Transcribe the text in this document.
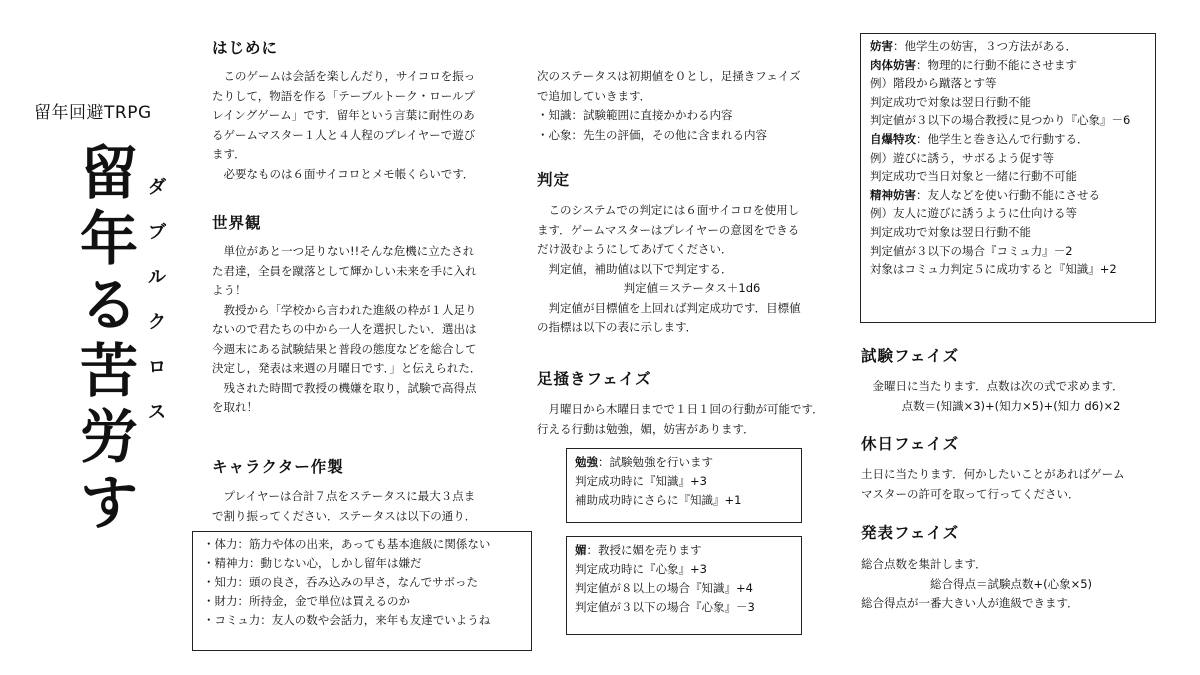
留年回避TRPG
留
年
る
苦
労
す
ダ
ブ
ル
ク
ロ
ス
はじめに
このゲームは会話を楽しんだり，サイコロを振っ
たりして，物語を作る「テーブルトーク・ロールプ
レイングゲーム」です．留年という言葉に耐性のあ
るゲームマスター１人と４人程のプレイヤーで遊び
ます．
必要なものは６面サイコロとメモ帳くらいです．
世界観
単位があと一つ足りない!!そんな危機に立たされ
た君達，全員を蹴落として輝かしい未来を手に入れ
よう！
教授から「学校から言われた進級の枠が１人足り
ないので君たちの中から一人を選択したい．選出は
今週末にある試験結果と普段の態度などを総合して
決定し，発表は来週の月曜日です．」と伝えられた．
残された時間で教授の機嫌を取り，試験で高得点
を取れ！
キャラクター作製
プレイヤーは合計７点をステータスに最大３点ま
で割り振ってください．ステータスは以下の通り．
・体力：筋力や体の出来，あっても基本進級に関係ない
・精神力：動じない心，しかし留年は嫌だ
・知力：頭の良さ，呑み込みの早さ，なんでサボった
・財力：所持金，金で単位は買えるのか
・コミュ力：友人の数や会話力，来年も友達でいようね
次のステータスは初期値を０とし，足掻きフェイズ
で追加していきます．
・知識：試験範囲に直接かかわる内容
・心象：先生の評価，その他に含まれる内容
判定
このシステムでの判定には６面サイコロを使用し
ます．ゲームマスターはプレイヤーの意図をできる
だけ汲むようにしてあげてください．
判定値，補助値は以下で判定する．
判定値＝ステータス＋1d6
判定値が目標値を上回れば判定成功です．目標値
の指標は以下の表に示します．
足掻きフェイズ
月曜日から木曜日までで１日１回の行動が可能です．
行える行動は勉強，媚，妨害があります．
勉強：試験勉強を行います
判定成功時に『知識』+3
補助成功時にさらに『知識』+1
媚：教授に媚を売ります
判定成功時に『心象』+3
判定値が８以上の場合『知識』+4
判定値が３以下の場合『心象』－3
妨害：他学生の妨害，３つ方法がある．
肉体妨害：物理的に行動不能にさせます
例）階段から蹴落とす等
判定成功で対象は翌日行動不能
判定値が３以下の場合教授に見つかり『心象』－6
自爆特攻：他学生と巻き込んで行動する．
例）遊びに誘う，サボるよう促す等
判定成功で当日対象と一緒に行動不可能
精神妨害：友人などを使い行動不能にさせる
例）友人に遊びに誘うように仕向ける等
判定成功で対象は翌日行動不能
判定値が３以下の場合『コミュ力』－2
対象はコミュ力判定５に成功すると『知識』+2
試験フェイズ
金曜日に当たります．点数は次の式で求めます．
点数＝(知識×3)+(知力×5)+(知力 d6)×2
休日フェイズ
土日に当たります．何かしたいことがあればゲーム
マスターの許可を取って行ってください．
発表フェイズ
総合点数を集計します．
総合得点＝試験点数+(心象×5)
総合得点が一番大きい人が進級できます．
